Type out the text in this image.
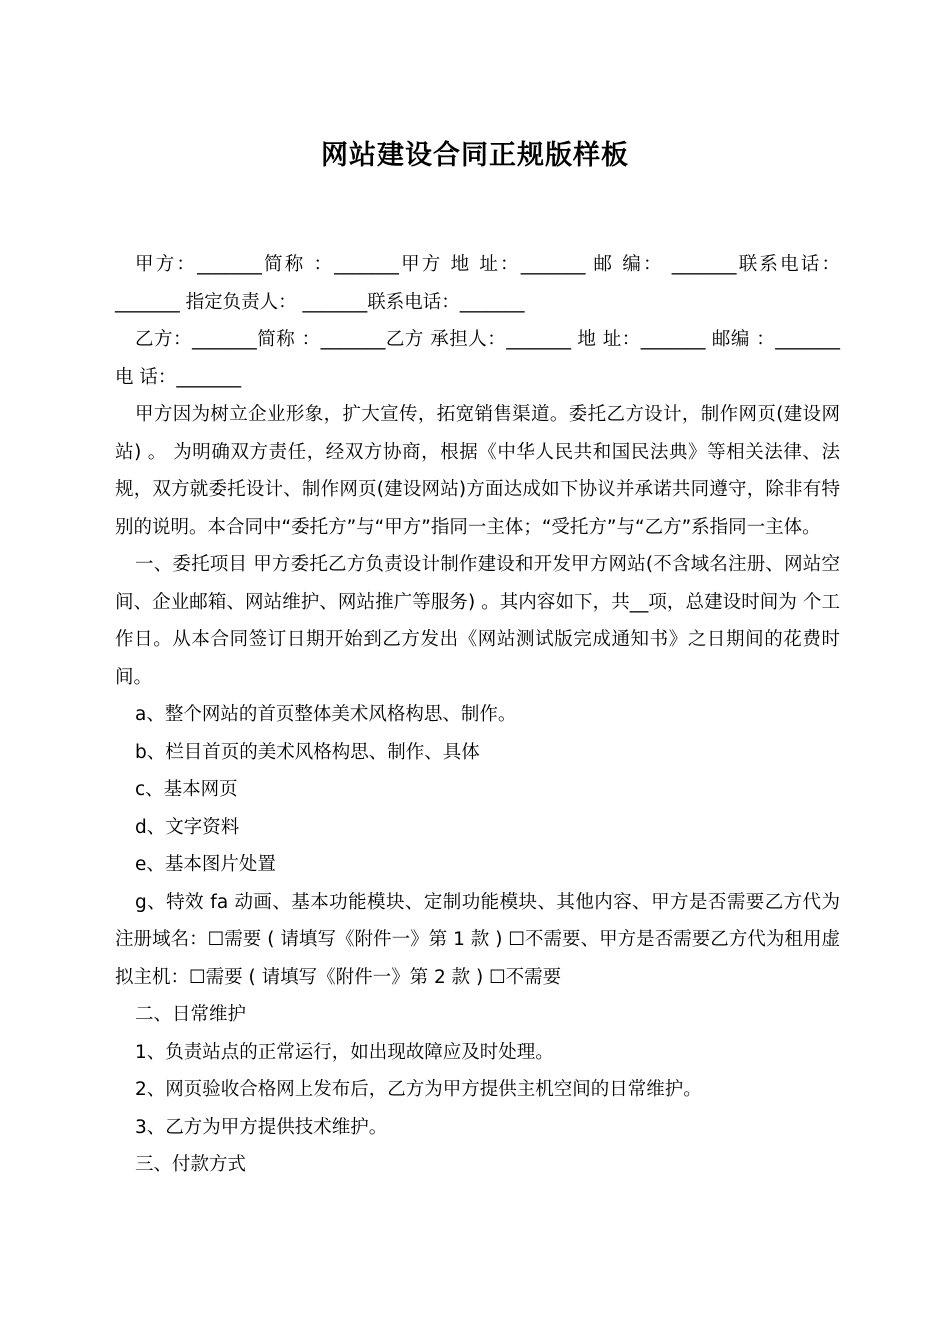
网站建设合同正规版样板

甲方：_______简称 ：_______甲方 地 址：_______ 邮 编： _______联系电话：_______ 指定负责人： _______联系电话：_______

乙方：_______简称 ：_______乙方 承担人：_______ 地 址：_______ 邮编 ：_______电 话：_______

甲方因为树立企业形象，扩大宣传，拓宽销售渠道。委托乙方设计，制作网页(建设网站) 。 为明确双方责任，经双方协商，根据《中华人民共和国民法典》等相关法律、法规，双方就委托设计、制作网页(建设网站)方面达成如下协议并承诺共同遵守，除非有特别的说明。本合同中“委托方”与“甲方”指同一主体；“受托方”与“乙方”系指同一主体。

一、委托项目 甲方委托乙方负责设计制作建设和开发甲方网站(不含域名注册、网站空间、企业邮箱、网站维护、网站推广等服务) 。其内容如下，共__项，总建设时间为 个工作日。从本合同签订日期开始到乙方发出《网站测试版完成通知书》之日期间的花费时间。

a、整个网站的首页整体美术风格构思、制作。

b、栏目首页的美术风格构思、制作、具体

c、基本网页

d、文字资料

e、基本图片处置

g、特效 fa 动画、基本功能模块、定制功能模块、其他内容、甲方是否需要乙方代为注册域名：☐需要 ( 请填写《附件一》第 1 款 ) ☐不需要、甲方是否需要乙方代为租用虚拟主机：☐需要 ( 请填写《附件一》第 2 款 ) ☐不需要

二、日常维护

1、负责站点的正常运行，如出现故障应及时处理。

2、网页验收合格网上发布后，乙方为甲方提供主机空间的日常维护。

3、乙方为甲方提供技术维护。

三、付款方式
